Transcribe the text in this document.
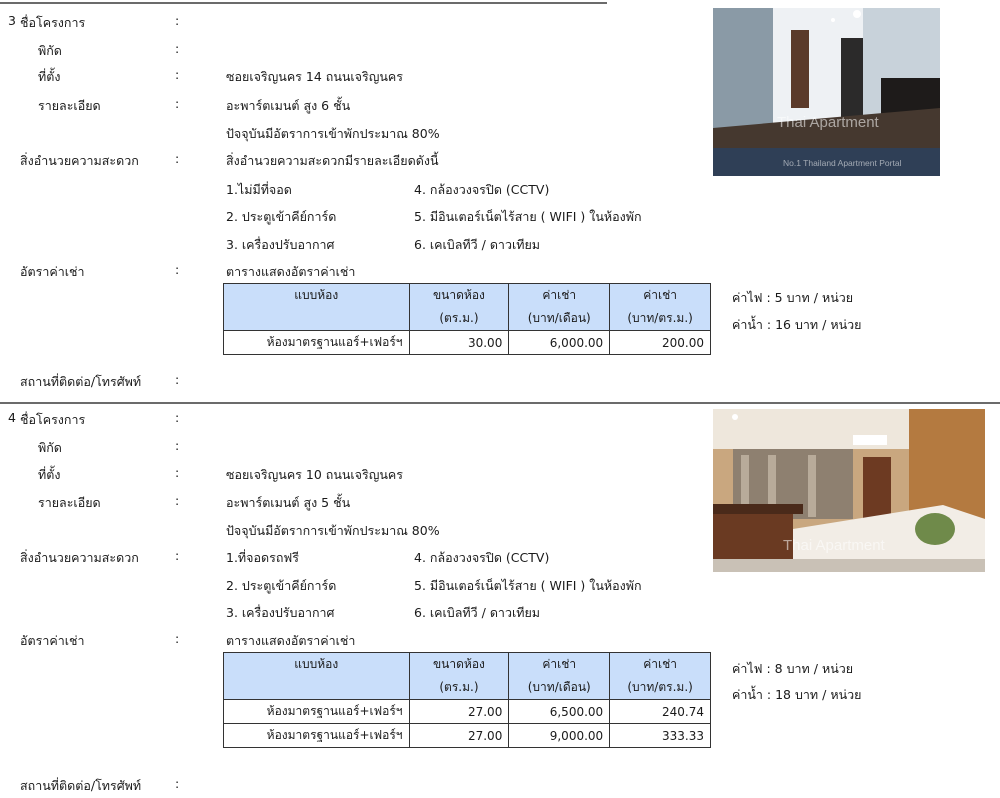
3 ชื่อโครงการ	:
พิกัด	:
ที่ตั้ง	:	ซอยเจริญนคร 14 ถนนเจริญนคร
รายละเอียด	:	อะพาร์ตเมนต์ สูง 6 ชั้น
ปัจจุบันมีอัตราการเข้าพักประมาณ 80%
สิ่งอำนวยความสะดวก	:	สิ่งอำนวยความสะดวกมีรายละเอียดดังนี้
1.ไม่มีที่จอด	4. กล้องวงจรปิด (CCTV)
2. ประตูเข้าคีย์การ์ด	5. มีอินเตอร์เน็ตไร้สาย ( WIFI ) ในห้องพัก
3. เครื่องปรับอากาศ	6. เคเบิลทีวี / ดาวเทียม
อัตราค่าเช่า	:	ตารางแสดงอัตราค่าเช่า
แบบห้อง	ขนาดห้อง	ค่าเช่า	ค่าเช่า
	(ตร.ม.)	(บาท/เดือน)	(บาท/ตร.ม.)
ห้องมาตรฐานแอร์+เฟอร์ฯ	30.00	6,000.00	200.00
ค่าไฟ : 5 บาท / หน่วย
ค่าน้ำ : 16 บาท / หน่วย
สถานที่ติดต่อ/โทรศัพท์	:
Thai Apartment
No.1 Thailand Apartment Portal
4 ชื่อโครงการ	:
พิกัด	:
ที่ตั้ง	:	ซอยเจริญนคร 10 ถนนเจริญนคร
รายละเอียด	:	อะพาร์ตเมนต์ สูง 5 ชั้น
ปัจจุบันมีอัตราการเข้าพักประมาณ 80%
สิ่งอำนวยความสะดวก	:	1.ที่จอดรถฟรี	4. กล้องวงจรปิด (CCTV)
2. ประตูเข้าคีย์การ์ด	5. มีอินเตอร์เน็ตไร้สาย ( WIFI ) ในห้องพัก
3. เครื่องปรับอากาศ	6. เคเบิลทีวี / ดาวเทียม
อัตราค่าเช่า	:	ตารางแสดงอัตราค่าเช่า
แบบห้อง	ขนาดห้อง	ค่าเช่า	ค่าเช่า
	(ตร.ม.)	(บาท/เดือน)	(บาท/ตร.ม.)
ห้องมาตรฐานแอร์+เฟอร์ฯ	27.00	6,500.00	240.74
ห้องมาตรฐานแอร์+เฟอร์ฯ	27.00	9,000.00	333.33
ค่าไฟ : 8 บาท / หน่วย
ค่าน้ำ : 18 บาท / หน่วย
สถานที่ติดต่อ/โทรศัพท์	:
Thai Apartment
